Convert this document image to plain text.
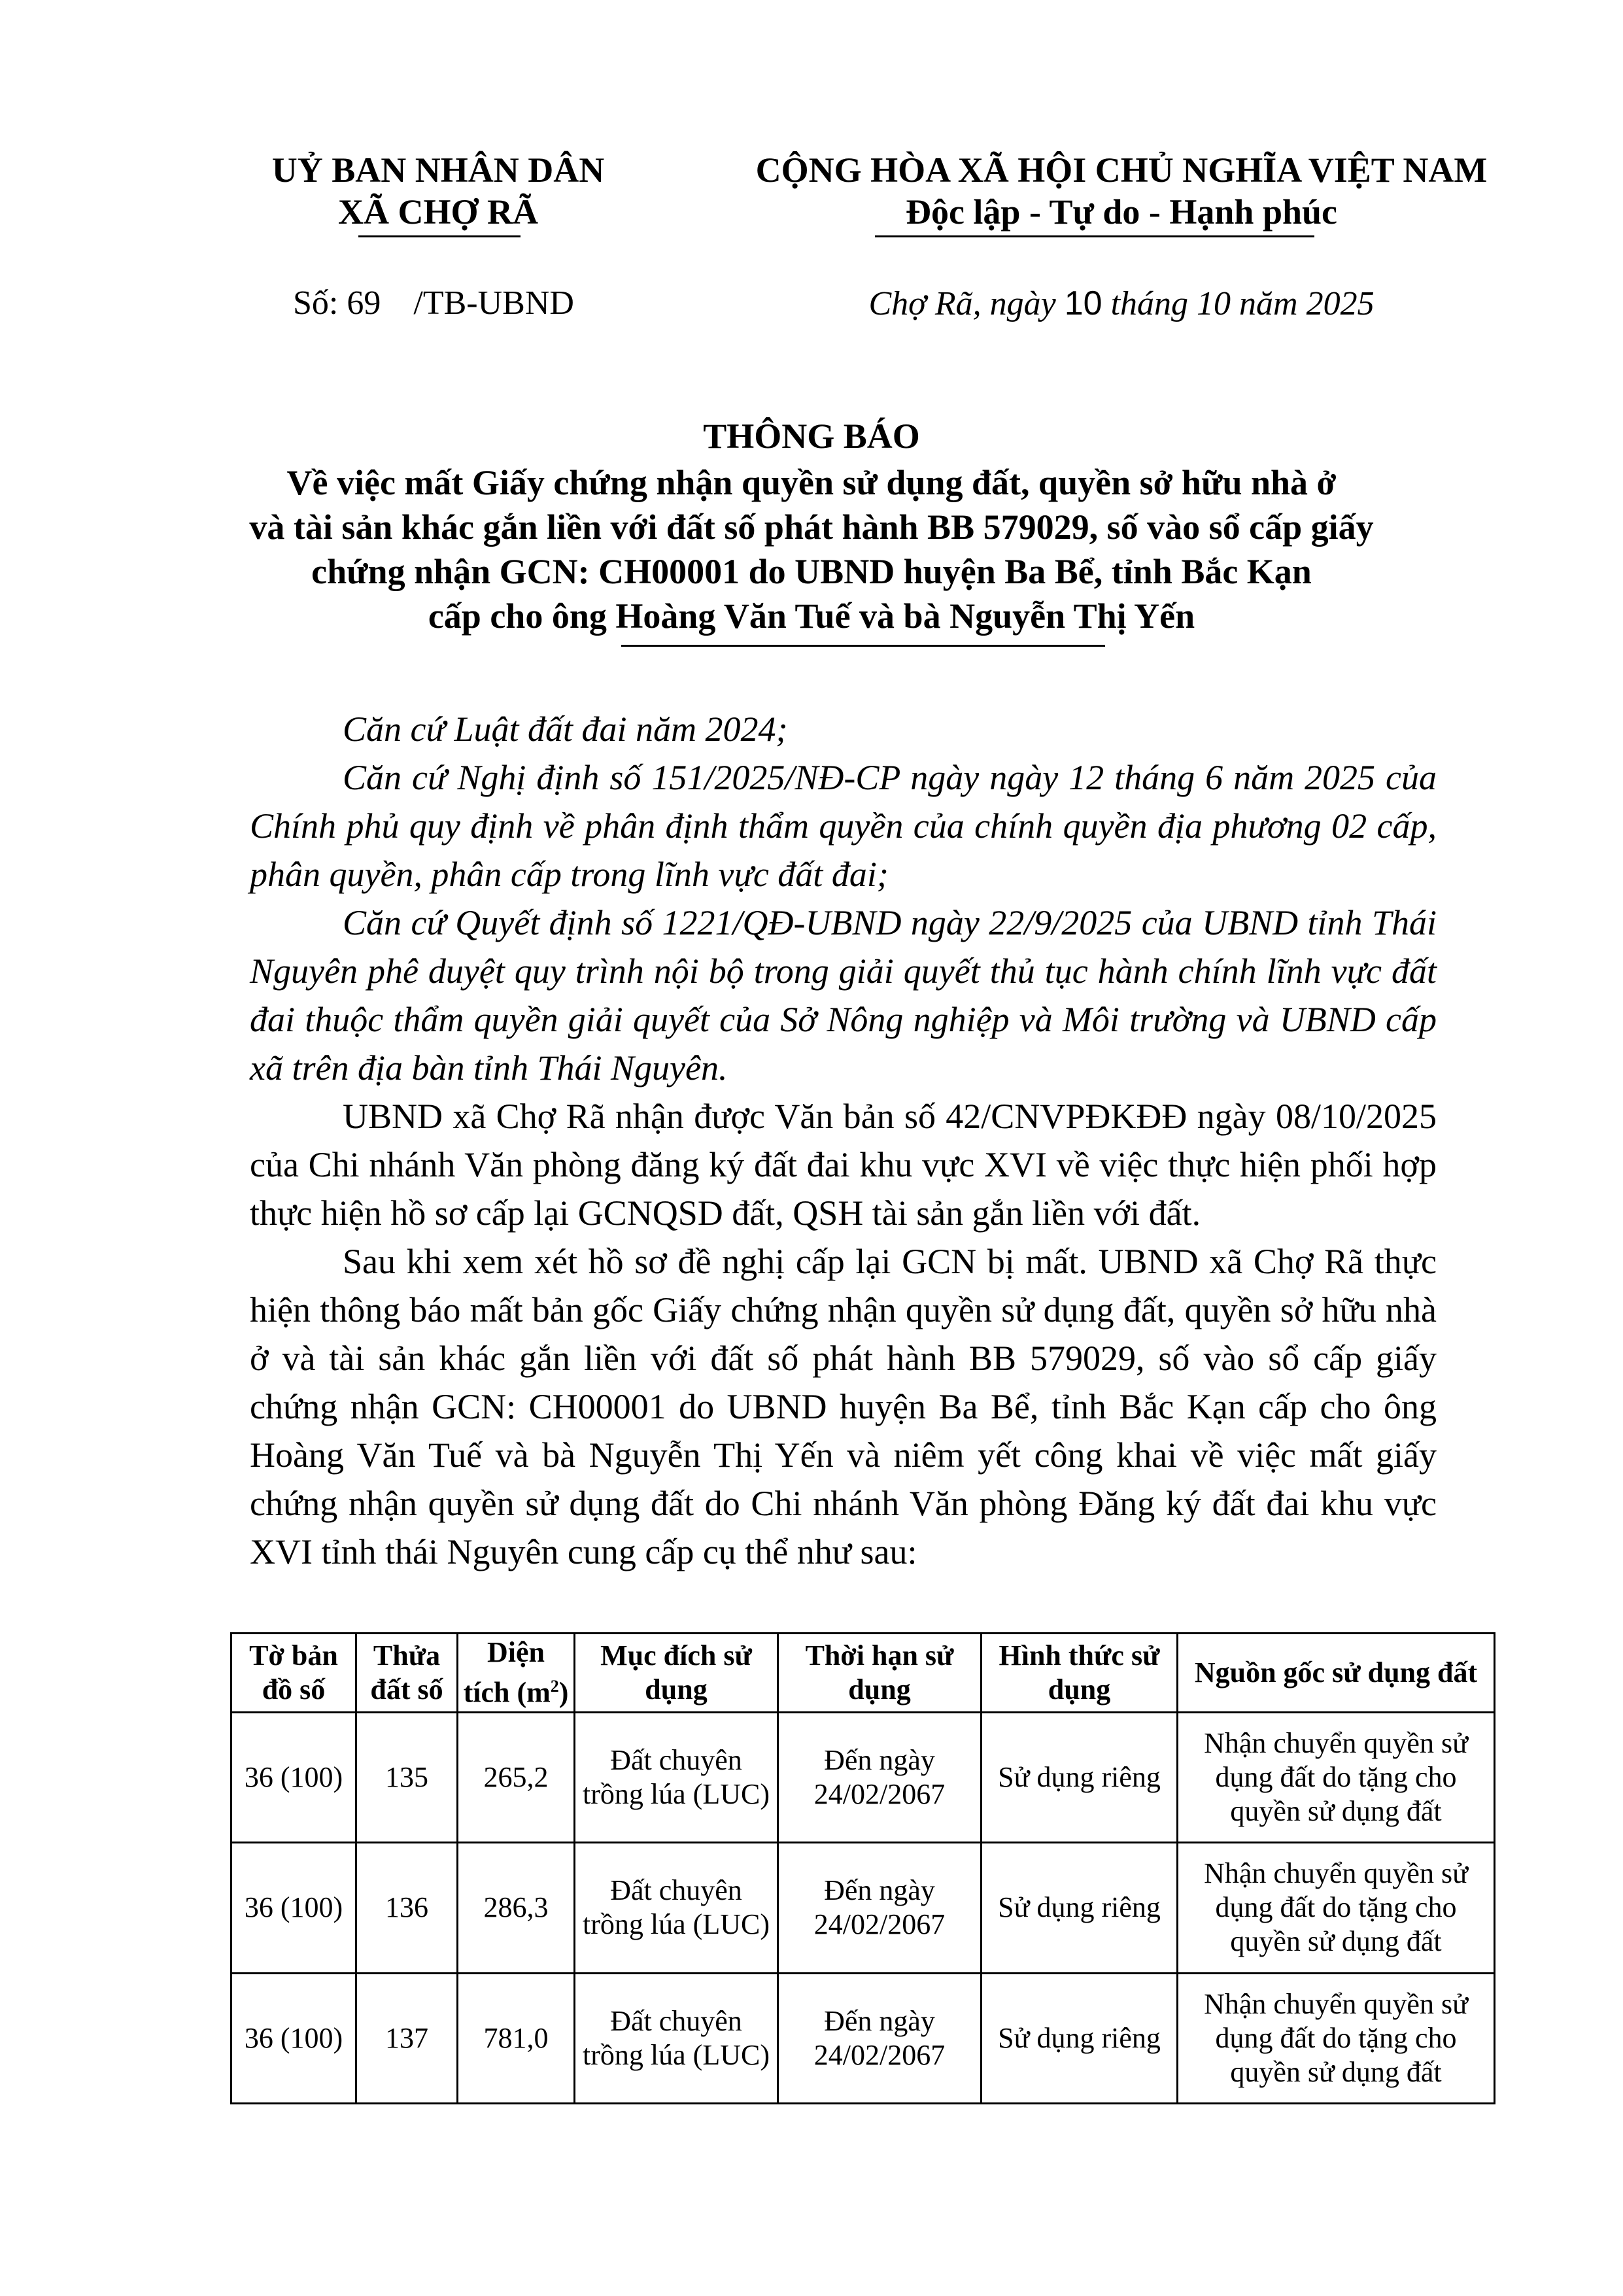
UỶ BAN NHÂN DÂN
XÃ CHỢ RÃ
CỘNG HÒA XÃ HỘI CHỦ NGHĨA VIỆT NAM
Độc lập - Tự do - Hạnh phúc
Số: 69 /TB-UBND	Chợ Rã, ngày 10 tháng 10 năm 2025
THÔNG BÁO
Về việc mất Giấy chứng nhận quyền sử dụng đất, quyền sở hữu nhà ở
và tài sản khác gắn liền với đất số phát hành BB 579029, số vào sổ cấp giấy
chứng nhận GCN: CH00001 do UBND huyện Ba Bể, tỉnh Bắc Kạn
cấp cho ông Hoàng Văn Tuế và bà Nguyễn Thị Yến

Căn cứ Luật đất đai năm 2024;

Căn cứ Nghị định số 151/2025/NĐ-CP ngày ngày 12 tháng 6 năm 2025 của Chính phủ quy định về phân định thẩm quyền của chính quyền địa phương 02 cấp, phân quyền, phân cấp trong lĩnh vực đất đai;

Căn cứ Quyết định số 1221/QĐ-UBND ngày 22/9/2025 của UBND tỉnh Thái Nguyên phê duyệt quy trình nội bộ trong giải quyết thủ tục hành chính lĩnh vực đất đai thuộc thẩm quyền giải quyết của Sở Nông nghiệp và Môi trường và UBND cấp xã trên địa bàn tỉnh Thái Nguyên.

UBND xã Chợ Rã nhận được Văn bản số 42/CNVPĐKĐĐ ngày 08/10/2025 của Chi nhánh Văn phòng đăng ký đất đai khu vực XVI về việc thực hiện phối hợp thực hiện hồ sơ cấp lại GCNQSD đất, QSH tài sản gắn liền với đất.

Sau khi xem xét hồ sơ đề nghị cấp lại GCN bị mất. UBND xã Chợ Rã thực hiện thông báo mất bản gốc Giấy chứng nhận quyền sử dụng đất, quyền sở hữu nhà ở và tài sản khác gắn liền với đất số phát hành BB 579029, số vào sổ cấp giấy chứng nhận GCN: CH00001 do UBND huyện Ba Bể, tỉnh Bắc Kạn cấp cho ông Hoàng Văn Tuế và bà Nguyễn Thị Yến và niêm yết công khai về việc mất giấy chứng nhận quyền sử dụng đất do Chi nhánh Văn phòng Đăng ký đất đai khu vực XVI tỉnh thái Nguyên cung cấp cụ thể như sau:

Tờ bản đồ số	Thửa đất số	Diện tích $(m^2)$	Mục đích sử dụng	Thời hạn sử dụng	Hình thức sử dụng	Nguồn gốc sử dụng đất
36 (100)	135	265,2	Đất chuyên trồng lúa (LUC)	Đến ngày 24/02/2067	Sử dụng riêng	Nhận chuyển quyền sử dụng đất do tặng cho quyền sử dụng đất
36 (100)	136	286,3	Đất chuyên trồng lúa (LUC)	Đến ngày 24/02/2067	Sử dụng riêng	Nhận chuyển quyền sử dụng đất do tặng cho quyền sử dụng đất
36 (100)	137	781,0	Đất chuyên trồng lúa (LUC)	Đến ngày 24/02/2067	Sử dụng riêng	Nhận chuyển quyền sử dụng đất do tặng cho quyền sử dụng đất
